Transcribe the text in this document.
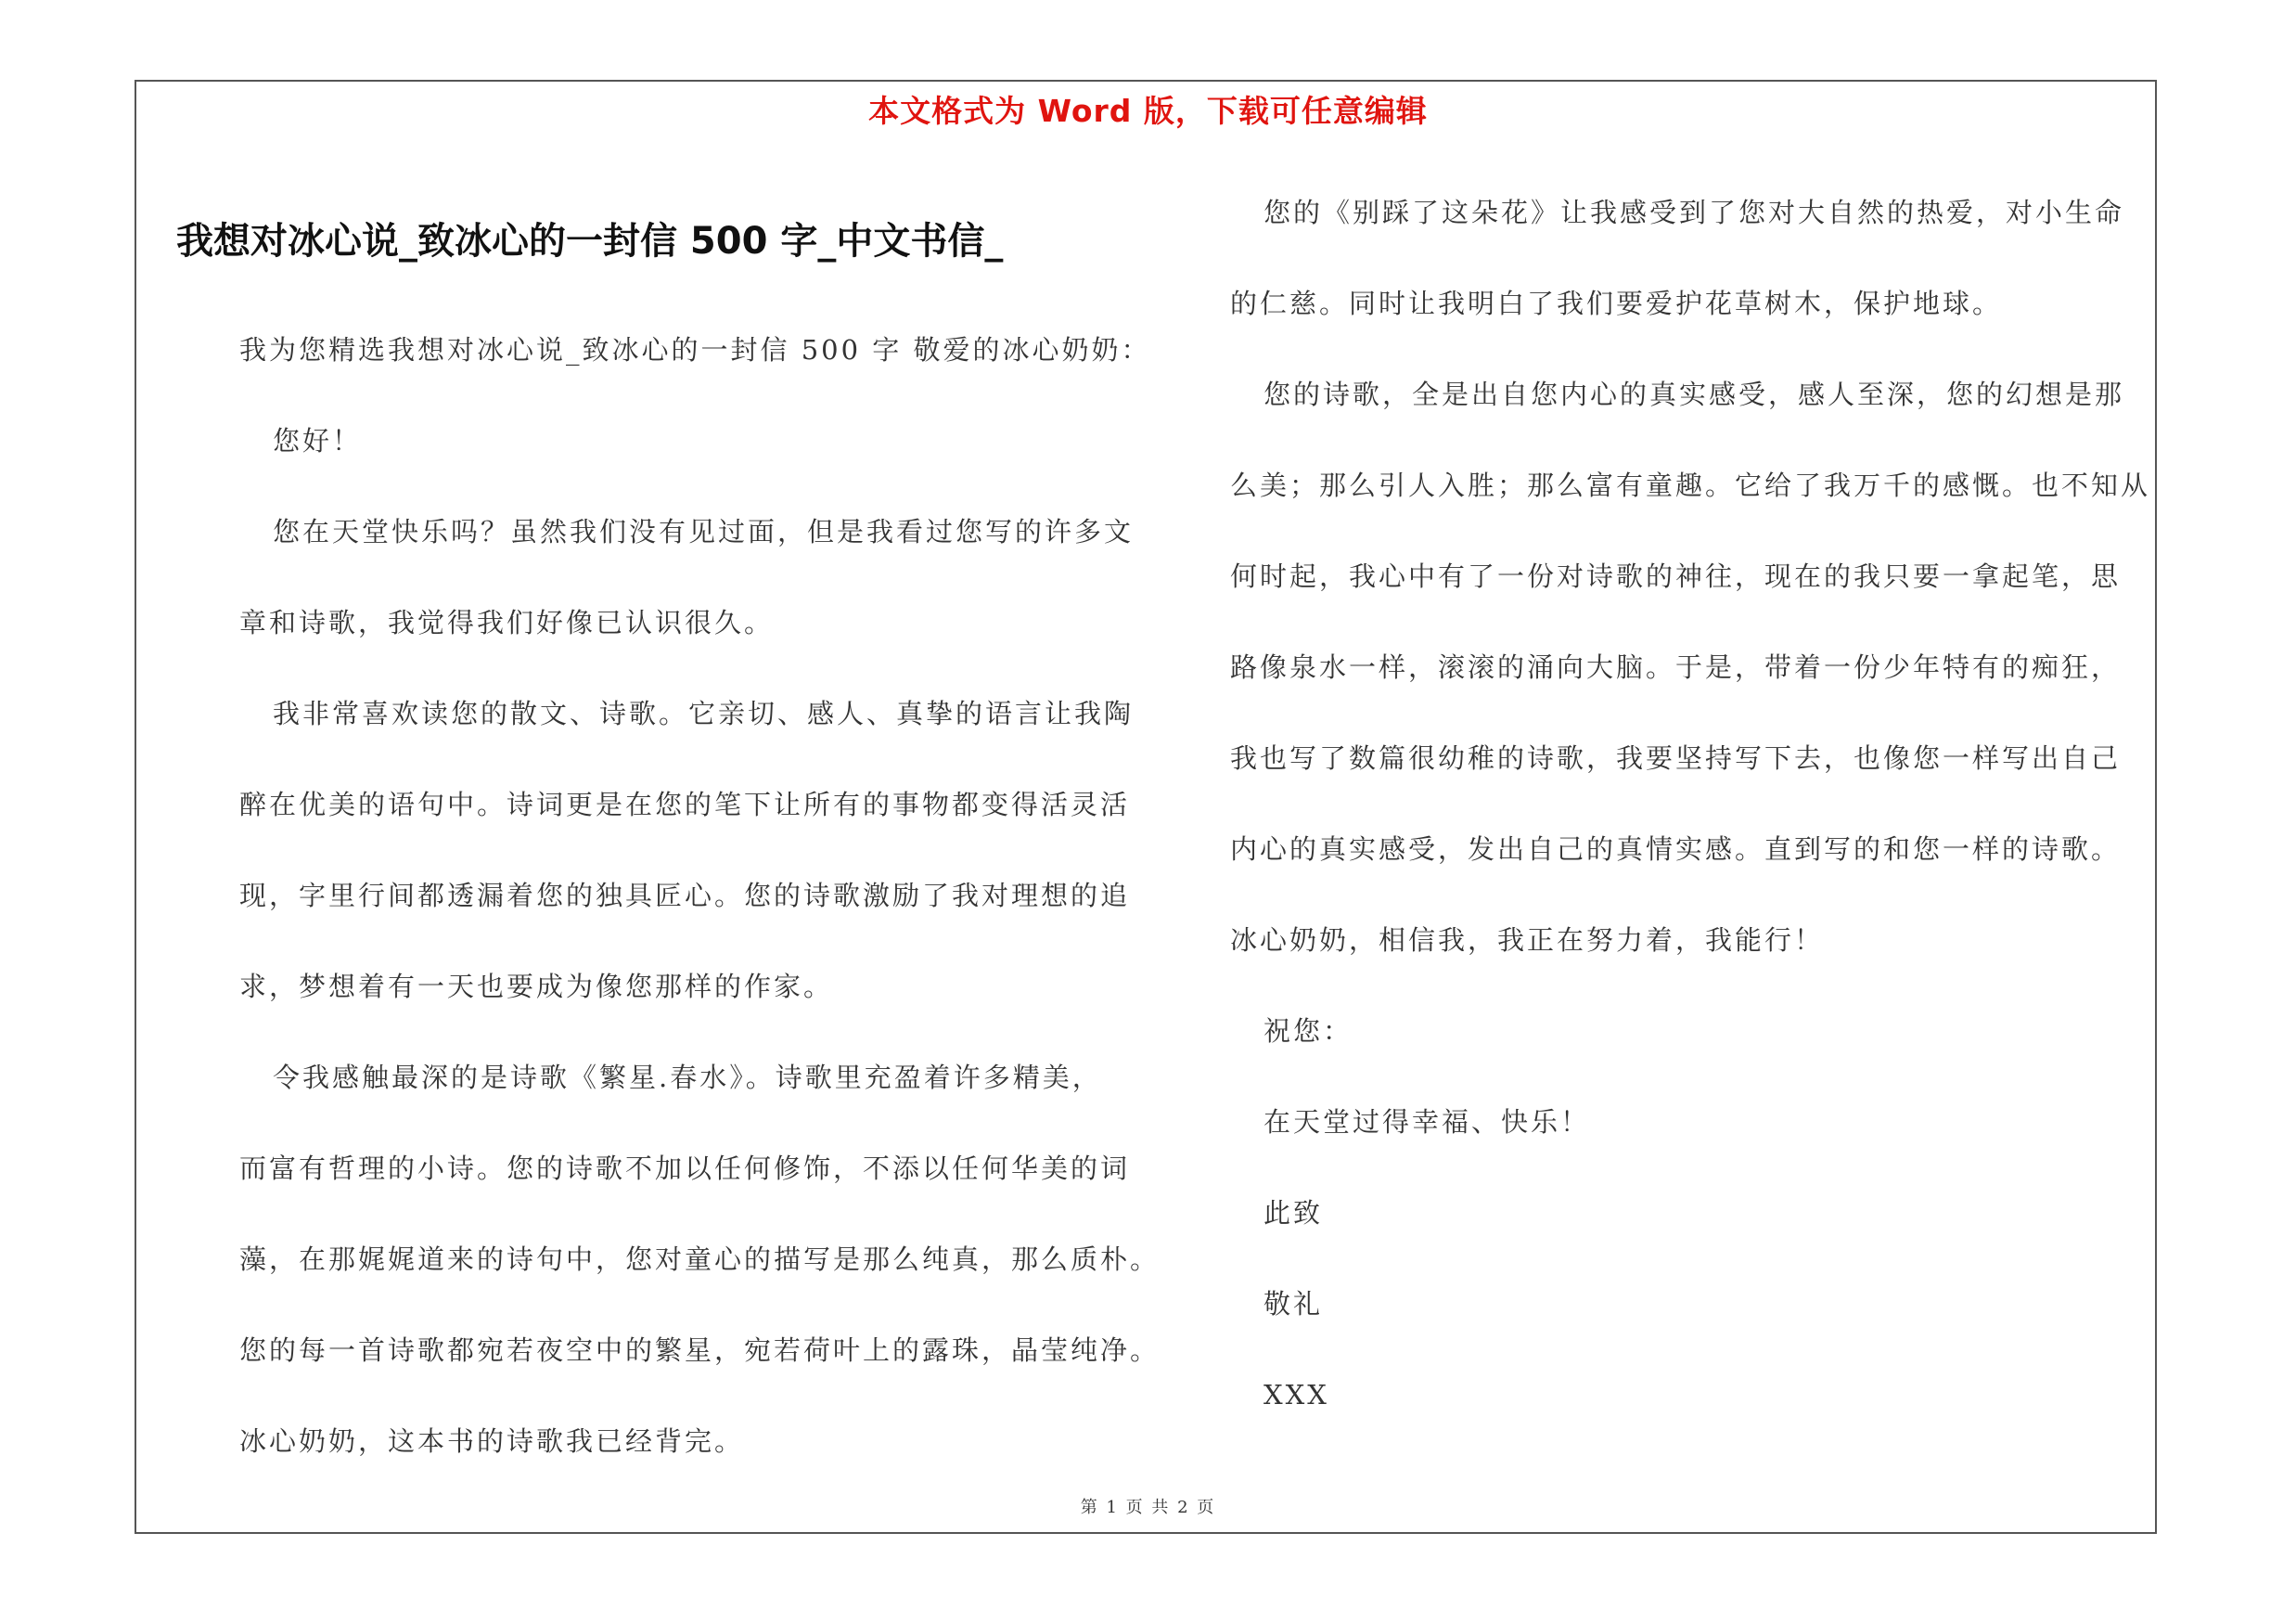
本文格式为 Word 版，下载可任意编辑
我想对冰心说_致冰心的一封信 500 字_中文书信_

我为您精选我想对冰心说_致冰心的一封信 500 字 敬爱的冰心奶奶：

您好！

您在天堂快乐吗？虽然我们没有见过面，但是我看过您写的许多文

章和诗歌，我觉得我们好像已认识很久。

我非常喜欢读您的散文、诗歌。它亲切、感人、真挚的语言让我陶

醉在优美的语句中。诗词更是在您的笔下让所有的事物都变得活灵活

现，字里行间都透漏着您的独具匠心。您的诗歌激励了我对理想的追

求，梦想着有一天也要成为像您那样的作家。

令我感触最深的是诗歌《繁星.春水》。诗歌里充盈着许多精美，

而富有哲理的小诗。您的诗歌不加以任何修饰，不添以任何华美的词

藻，在那娓娓道来的诗句中，您对童心的描写是那么纯真，那么质朴。

您的每一首诗歌都宛若夜空中的繁星，宛若荷叶上的露珠，晶莹纯净。

冰心奶奶，这本书的诗歌我已经背完。

您的《别踩了这朵花》让我感受到了您对大自然的热爱，对小生命

的仁慈。同时让我明白了我们要爱护花草树木，保护地球。

您的诗歌，全是出自您内心的真实感受，感人至深，您的幻想是那

么美；那么引人入胜；那么富有童趣。它给了我万千的感慨。也不知从

何时起，我心中有了一份对诗歌的神往，现在的我只要一拿起笔，思

路像泉水一样，滚滚的涌向大脑。于是，带着一份少年特有的痴狂，

我也写了数篇很幼稚的诗歌，我要坚持写下去，也像您一样写出自己

内心的真实感受，发出自己的真情实感。直到写的和您一样的诗歌。

冰心奶奶，相信我，我正在努力着，我能行！

祝您：

在天堂过得幸福、快乐！

此致

敬礼

XXX

第 1 页 共 2 页
